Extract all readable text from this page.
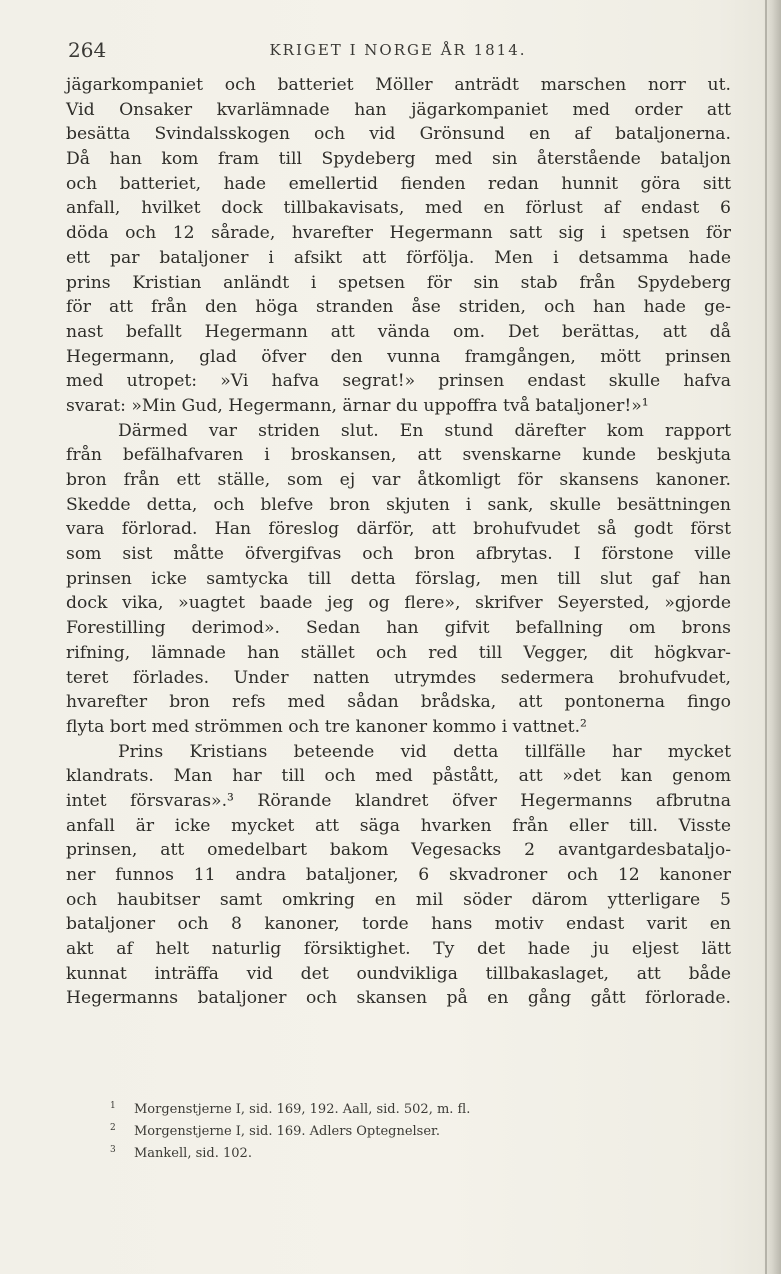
264	KRIGET I NORGE ÅR 1814.
jägarkompaniet och batteriet Möller anträdt marschen norr ut.
Vid Onsaker kvarlämnade han jägarkompaniet med order att
besätta Svindalsskogen och vid Grönsund en af bataljonerna.
Då han kom fram till Spydeberg med sin återstående bataljon
och batteriet, hade emellertid fienden redan hunnit göra sitt
anfall, hvilket dock tillbakavisats, med en förlust af endast 6
döda och 12 sårade, hvarefter Hegermann satt sig i spetsen för
ett par bataljoner i afsikt att förfölja. Men i detsamma hade
prins Kristian anländt i spetsen för sin stab från Spydeberg
för att från den höga stranden åse striden, och han hade ge-
nast befallt Hegermann att vända om. Det berättas, att då
Hegermann, glad öfver den vunna framgången, mött prinsen
med utropet: »Vi hafva segrat!» prinsen endast skulle hafva
svarat: »Min Gud, Hegermann, ärnar du uppoffra två bataljoner!»¹
Därmed var striden slut. En stund därefter kom rapport
från befälhafvaren i broskansen, att svenskarne kunde beskjuta
bron från ett ställe, som ej var åtkomligt för skansens kanoner.
Skedde detta, och blefve bron skjuten i sank, skulle besättningen
vara förlorad. Han föreslog därför, att brohufvudet så godt först
som sist måtte öfvergifvas och bron afbrytas. I förstone ville
prinsen icke samtycka till detta förslag, men till slut gaf han
dock vika, »uagtet baade jeg og flere», skrifver Seyersted, »gjorde
Forestilling derimod». Sedan han gifvit befallning om brons
rifning, lämnade han stället och red till Vegger, dit högkvar-
teret förlades. Under natten utrymdes sedermera brohufvudet,
hvarefter bron refs med sådan brådska, att pontonerna fingo
flyta bort med strömmen och tre kanoner kommo i vattnet.²
Prins Kristians beteende vid detta tillfälle har mycket
klandrats. Man har till och med påstått, att »det kan genom
intet försvaras».³ Rörande klandret öfver Hegermanns afbrutna
anfall är icke mycket att säga hvarken från eller till. Visste
prinsen, att omedelbart bakom Vegesacks 2 avantgardesbataljo-
ner funnos 11 andra bataljoner, 6 skvadroner och 12 kanoner
och haubitser samt omkring en mil söder därom ytterligare 5
bataljoner och 8 kanoner, torde hans motiv endast varit en
akt af helt naturlig försiktighet. Ty det hade ju eljest lätt
kunnat inträffa vid det oundvikliga tillbakaslaget, att både
Hegermanns bataljoner och skansen på en gång gått förlorade.
1 Morgenstjerne I, sid. 169, 192. Aall, sid. 502, m. fl.
2 Morgenstjerne I, sid. 169. Adlers Optegnelser.
3 Mankell, sid. 102.
